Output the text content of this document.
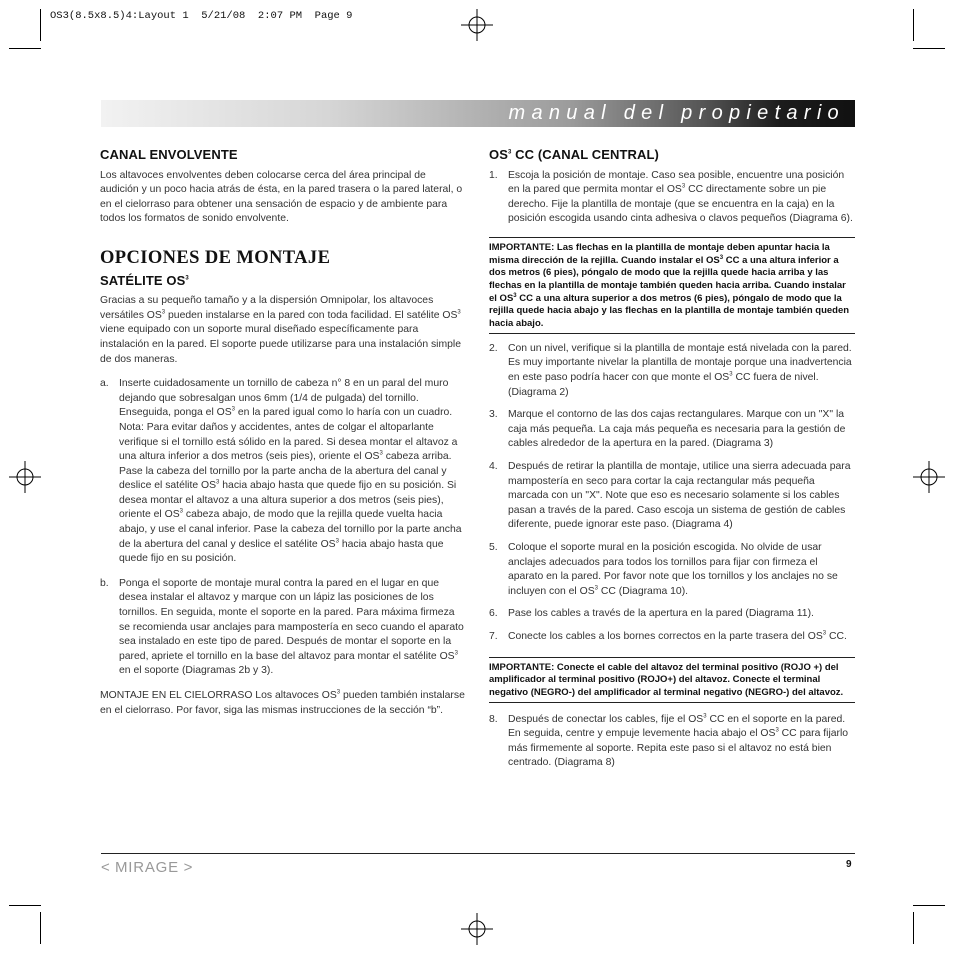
OS3(8.5x8.5)4:Layout 1  5/21/08  2:07 PM  Page 9
manual del propietario
CANAL ENVOLVENTE

Los altavoces envolventes deben colocarse cerca del área principal de audición y un poco hacia atrás de ésta, en la pared trasera o la pared lateral, o en el cielorraso para obtener una sensación de espacio y de ambiente para todos los formatos de sonido envolvente.

OPCIONES DE MONTAJE
SATÉLITE $OS^3$

Gracias a su pequeño tamaño y a la dispersión Omnipolar, los altavoces versátiles $OS^3$ pueden instalarse en la pared con toda facilidad. El satélite $OS^3$ viene equipado con un soporte mural diseñado específicamente para instalación en la pared. El soporte puede utilizarse para una instalación simple de dos maneras.

a. Inserte cuidadosamente un tornillo de cabeza n° 8 en un paral del muro dejando que sobresalgan unos 6mm (1/4 de pulgada) del tornillo. Enseguida, ponga el $OS^3$ en la pared igual como lo haría con un cuadro. Nota: Para evitar daños y accidentes, antes de colgar el altoparlante verifique si el tornillo está sólido en la pared. Si desea montar el altavoz a una altura inferior a dos metros (seis pies), oriente el $OS^3$ cabeza arriba. Pase la cabeza del tornillo por la parte ancha de la abertura del canal y deslice el satélite $OS^3$ hacia abajo hasta que quede fijo en su posición. Si desea montar el altavoz a una altura superior a dos metros (seis pies), oriente el $OS^3$ cabeza abajo, de modo que la rejilla quede vuelta hacia abajo, y use el canal inferior. Pase la cabeza del tornillo por la parte ancha de la abertura del canal y deslice el satélite $OS^3$ hacia abajo hasta que quede fijo en su posición.
b. Ponga el soporte de montaje mural contra la pared en el lugar en que desea instalar el altavoz y marque con un lápiz las posiciones de los tornillos. En seguida, monte el soporte en la pared. Para máxima firmeza se recomienda usar anclajes para mampostería en seco cuando el aparato sea instalado en este tipo de pared. Después de montar el soporte en la pared, apriete el tornillo en la base del altavoz para montar el satélite $OS^3$ en el soporte (Diagramas 2b y 3).

MONTAJE EN EL CIELORRASO Los altavoces $OS^3$ pueden también instalarse en el cielorraso. Por favor, siga las mismas instrucciones de la sección “b”.

$OS^3$ CC (CANAL CENTRAL)
1. Escoja la posición de montaje. Caso sea posible, encuentre una posición en la pared que permita montar el $OS^3$ CC directamente sobre un pie derecho. Fije la plantilla de montaje (que se encuentra en la caja) en la posición escogida usando cinta adhesiva o clavos pequeños (Diagrama 6).

IMPORTANTE: Las flechas en la plantilla de montaje deben apuntar hacia la misma dirección de la rejilla. Cuando instalar el $OS^3$ CC a una altura inferior a dos metros (6 pies), póngalo de modo que la rejilla quede hacia arriba y las flechas en la plantilla de montaje también queden hacia arriba. Cuando instalar el $OS^3$ CC a una altura superior a dos metros (6 pies), póngalo de modo que la rejilla quede hacia abajo y las flechas en la plantilla de montaje también queden hacia abajo.

2. Con un nivel, verifique si la plantilla de montaje está nivelada con la pared. Es muy importante nivelar la plantilla de montaje porque una inadvertencia en este paso podría hacer con que monte el $OS^3$ CC fuera de nivel. (Diagrama 2)
3. Marque el contorno de las dos cajas rectangulares. Marque con un "X" la caja más pequeña. La caja más pequeña es necesaria para la gestión de cables alrededor de la apertura en la pared. (Diagrama 3)
4. Después de retirar la plantilla de montaje, utilice una sierra adecuada para mampostería en seco para cortar la caja rectangular más pequeña marcada con un "X". Note que eso es necesario solamente si los cables pasan a través de la pared. Caso escoja un sistema de gestión de cables diferente, puede ignorar este paso. (Diagrama 4)
5. Coloque el soporte mural en la posición escogida. No olvide de usar anclajes adecuados para todos los tornillos para fijar con firmeza el aparato en la pared. Por favor note que los tornillos y los anclajes no se incluyen con el $OS^3$ CC (Diagrama 10).
6. Pase los cables a través de la apertura en la pared (Diagrama 11).
7. Conecte los cables a los bornes correctos en la parte trasera del $OS^3$ CC.

IMPORTANTE: Conecte el cable del altavoz del terminal positivo (ROJO +) del amplificador al terminal positivo (ROJO+) del altavoz. Conecte el terminal negativo (NEGRO-) del amplificador al terminal negativo (NEGRO-) del altavoz.

8. Después de conectar los cables, fije el $OS^3$ CC en el soporte en la pared. En seguida, centre y empuje levemente hacia abajo el $OS^3$ CC para fijarlo más firmemente al soporte. Repita este paso si el altavoz no está bien centrado. (Diagrama 8)
< MIRAGE >	9
